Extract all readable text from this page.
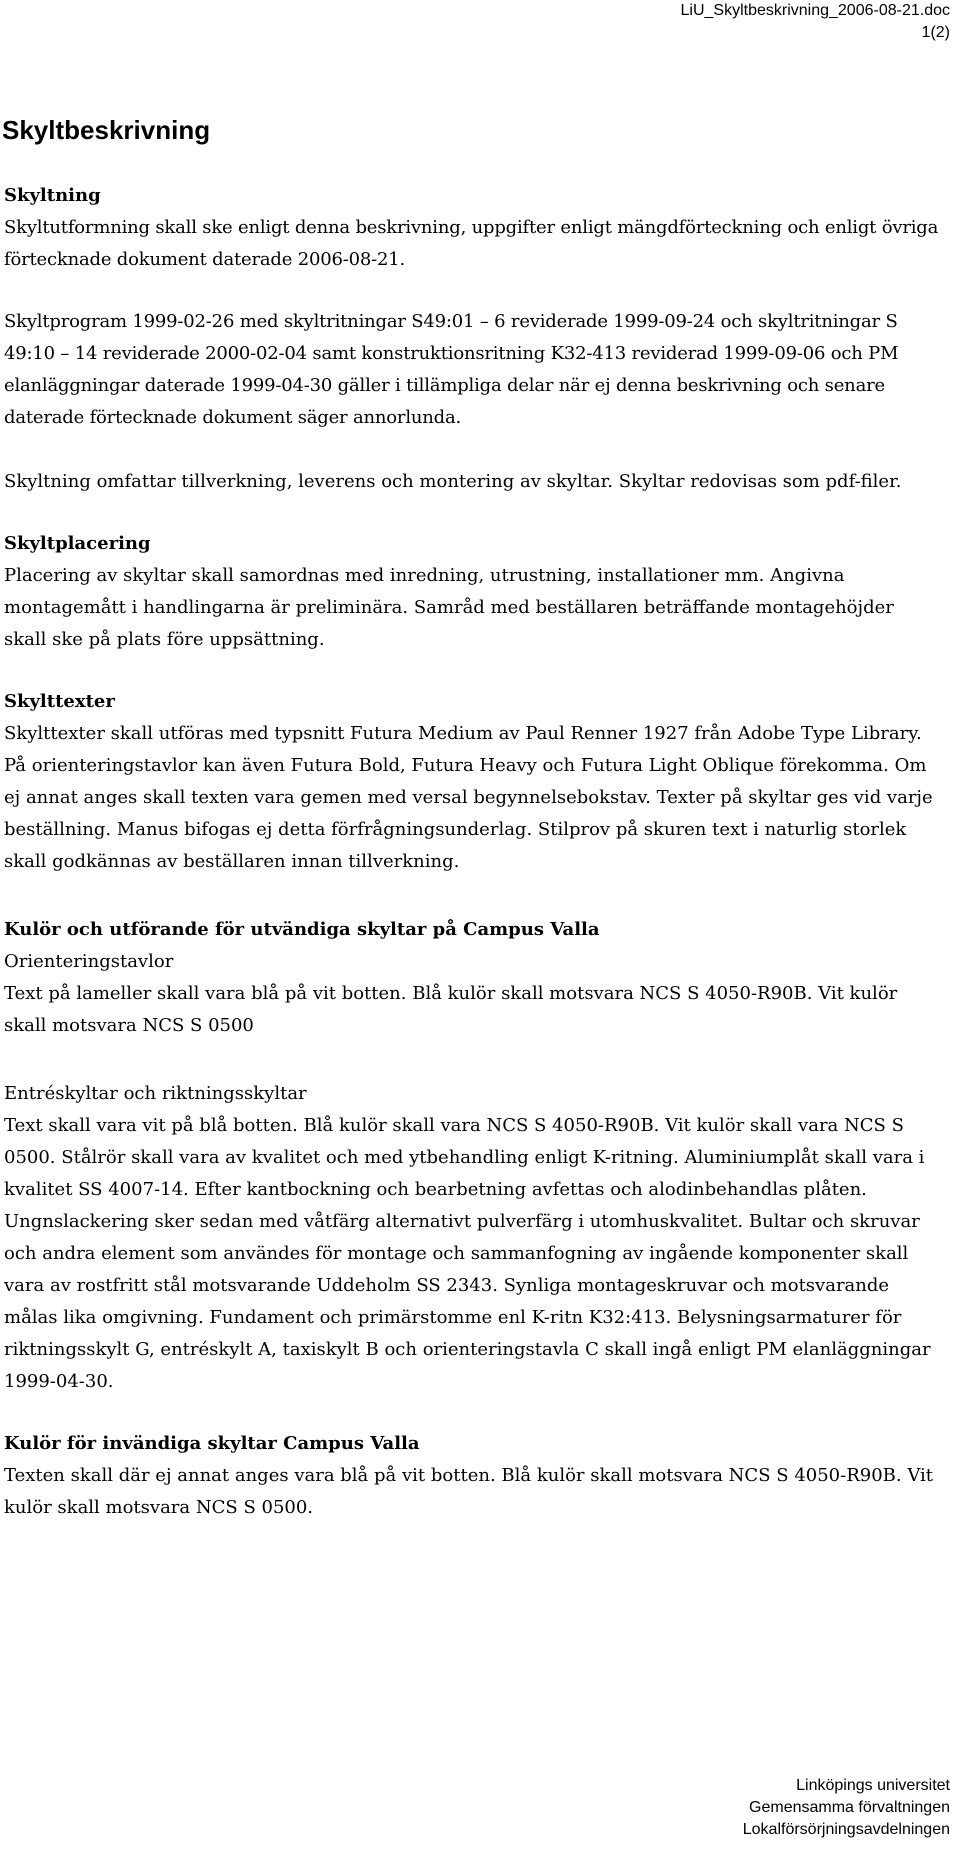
LiU_Skyltbeskrivning_2006-08-21.doc
1(2)
Skyltbeskrivning

Skyltning

Skyltutformning skall ske enligt denna beskrivning, uppgifter enligt mängdförteckning och enligt övriga förtecknade dokument daterade 2006-08-21.

Skyltprogram 1999-02-26 med skyltritningar S49:01 – 6 reviderade 1999-09-24 och skyltritningar S 49:10 – 14 reviderade 2000-02-04 samt konstruktionsritning K32-413 reviderad 1999-09-06 och PM elanläggningar daterade 1999-04-30 gäller i tillämpliga delar när ej denna beskrivning och senare daterade förtecknade dokument säger annorlunda.

Skyltning omfattar tillverkning, leverens och montering av skyltar. Skyltar redovisas som pdf-filer.

Skyltplacering

Placering av skyltar skall samordnas med inredning, utrustning, installationer mm. Angivna montagemått i handlingarna är preliminära. Samråd med beställaren beträffande montagehöjder skall ske på plats före uppsättning.

Skylttexter

Skylttexter skall utföras med typsnitt Futura Medium av Paul Renner 1927 från Adobe Type Library. På orienteringstavlor kan även Futura Bold, Futura Heavy och Futura Light Oblique förekomma. Om ej annat anges skall texten vara gemen med versal begynnelsebokstav. Texter på skyltar ges vid varje beställning. Manus bifogas ej detta förfrågningsunderlag. Stilprov på skuren text i naturlig storlek skall godkännas av beställaren innan tillverkning.

Kulör och utförande för utvändiga skyltar på Campus Valla

Orienteringstavlor

Text på lameller skall vara blå på vit botten. Blå kulör skall motsvara NCS S 4050-R90B. Vit kulör skall motsvara NCS S 0500

Entréskyltar och riktningsskyltar

Text skall vara vit på blå botten. Blå kulör skall vara NCS S 4050-R90B. Vit kulör skall vara NCS S 0500. Stålrör skall vara av kvalitet och med ytbehandling enligt K-ritning. Aluminiumplåt skall vara i kvalitet SS 4007-14. Efter kantbockning och bearbetning avfettas och alodinbehandlas plåten. Ungnslackering sker sedan med våtfärg alternativt pulverfärg i utomhuskvalitet. Bultar och skruvar och andra element som användes för montage och sammanfogning av ingående komponenter skall vara av rostfritt stål motsvarande Uddeholm SS 2343. Synliga montageskruvar och motsvarande målas lika omgivning. Fundament och primärstomme enl K-ritn K32:413. Belysningsarmaturer för riktningsskylt G, entréskylt A, taxiskylt B och orienteringstavla C skall ingå enligt PM elanläggningar 1999-04-30.

Kulör för invändiga skyltar Campus Valla

Texten skall där ej annat anges vara blå på vit botten. Blå kulör skall motsvara NCS S 4050-R90B. Vit kulör skall motsvara NCS S 0500.

Linköpings universitet
Gemensamma förvaltningen
Lokalförsörjningsavdelningen
